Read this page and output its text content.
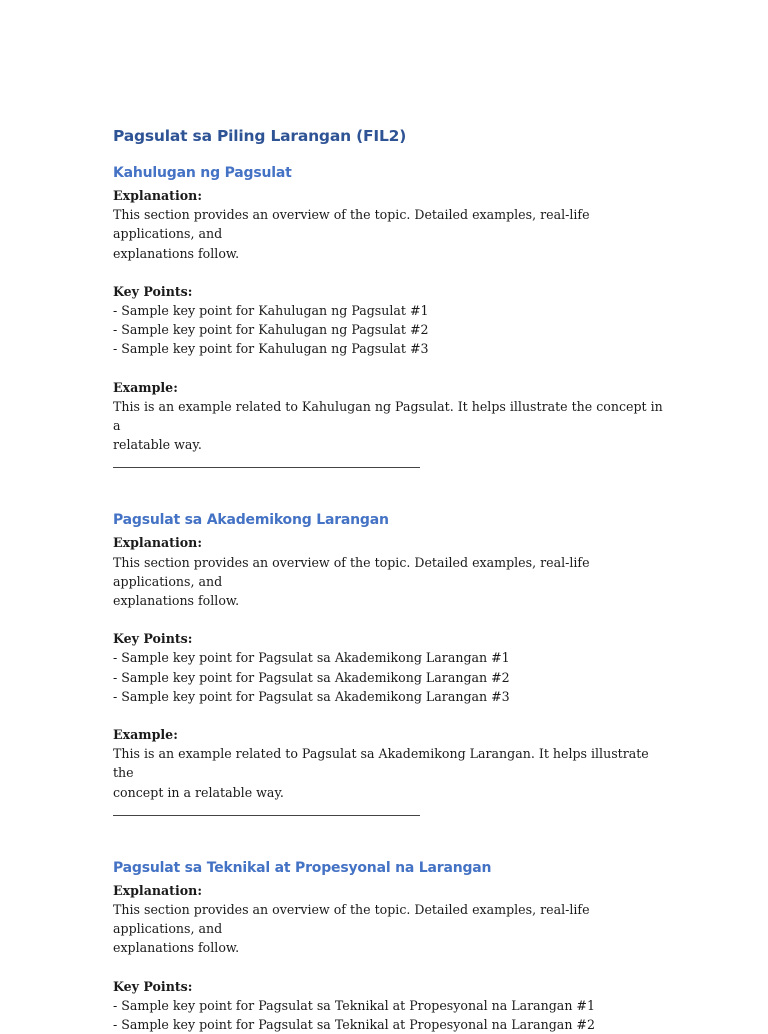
Pagsulat sa Piling Larangan (FIL2)
Kahulugan ng Pagsulat

Explanation:

This section provides an overview of the topic. Detailed examples, real-life applications, and

explanations follow.

Key Points:

- Sample key point for Kahulugan ng Pagsulat #1

- Sample key point for Kahulugan ng Pagsulat #2

- Sample key point for Kahulugan ng Pagsulat #3

Example:

This is an example related to Kahulugan ng Pagsulat. It helps illustrate the concept in a

relatable way.

Pagsulat sa Akademikong Larangan

Explanation:

This section provides an overview of the topic. Detailed examples, real-life applications, and

explanations follow.

Key Points:

- Sample key point for Pagsulat sa Akademikong Larangan #1

- Sample key point for Pagsulat sa Akademikong Larangan #2

- Sample key point for Pagsulat sa Akademikong Larangan #3

Example:

This is an example related to Pagsulat sa Akademikong Larangan. It helps illustrate the

concept in a relatable way.

Pagsulat sa Teknikal at Propesyonal na Larangan

Explanation:

This section provides an overview of the topic. Detailed examples, real-life applications, and

explanations follow.

Key Points:

- Sample key point for Pagsulat sa Teknikal at Propesyonal na Larangan #1

- Sample key point for Pagsulat sa Teknikal at Propesyonal na Larangan #2
